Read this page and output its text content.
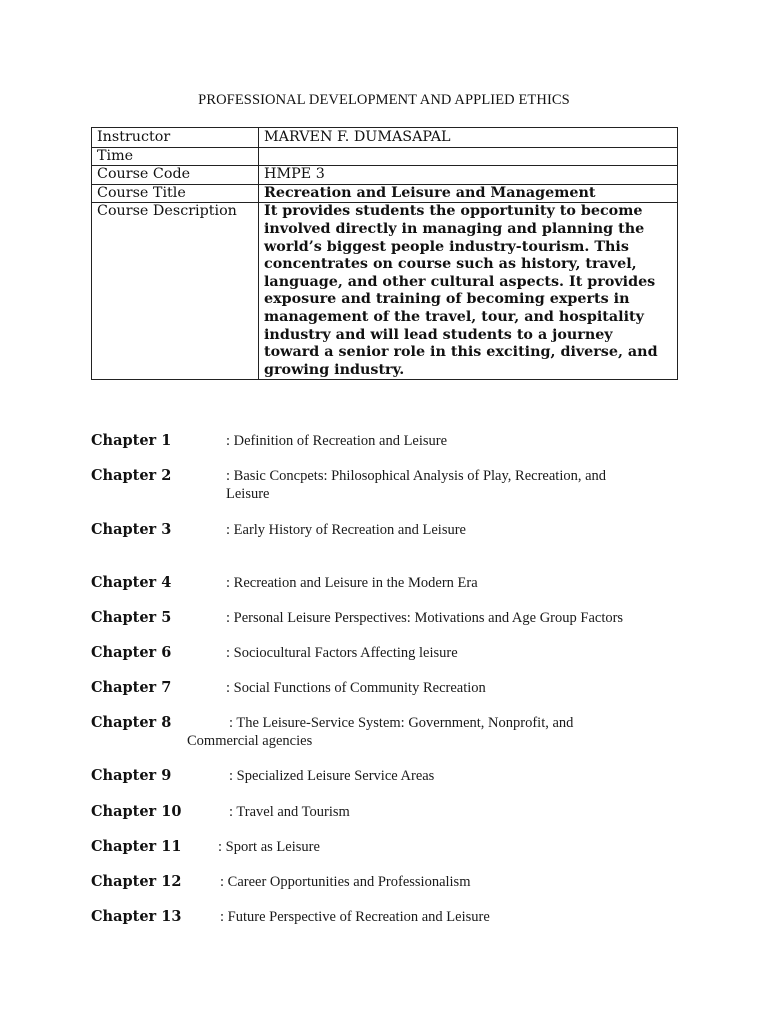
PROFESSIONAL DEVELOPMENT AND APPLIED ETHICS
Instructor	MARVEN F. DUMASAPAL
Time	
Course Code	HMPE 3
Course Title	Recreation and Leisure and Management
Course Description	It provides students the opportunity to become involved directly in managing and planning the world’s biggest people industry-tourism. This concentrates on course such as history, travel, language, and other cultural aspects. It provides exposure and training of becoming experts in management of the travel, tour, and hospitality industry and will lead students to a journey toward a senior role in this exciting, diverse, and growing industry.
Chapter 1	: Definition of Recreation and Leisure
Chapter 2	: Basic Concpets: Philosophical Analysis of Play, Recreation, and
Leisure
Chapter 3	: Early History of Recreation and Leisure
Chapter 4	: Recreation and Leisure in the Modern Era
Chapter 5	: Personal Leisure Perspectives: Motivations and Age Group Factors
Chapter 6	: Sociocultural Factors Affecting leisure
Chapter 7	: Social Functions of Community Recreation
Chapter 8	: The Leisure-Service System: Government, Nonprofit, and
Commercial agencies
Chapter 9	: Specialized Leisure Service Areas
Chapter 10	: Travel and Tourism
Chapter 11	: Sport as Leisure
Chapter 12	: Career Opportunities and Professionalism
Chapter 13	: Future Perspective of Recreation and Leisure
